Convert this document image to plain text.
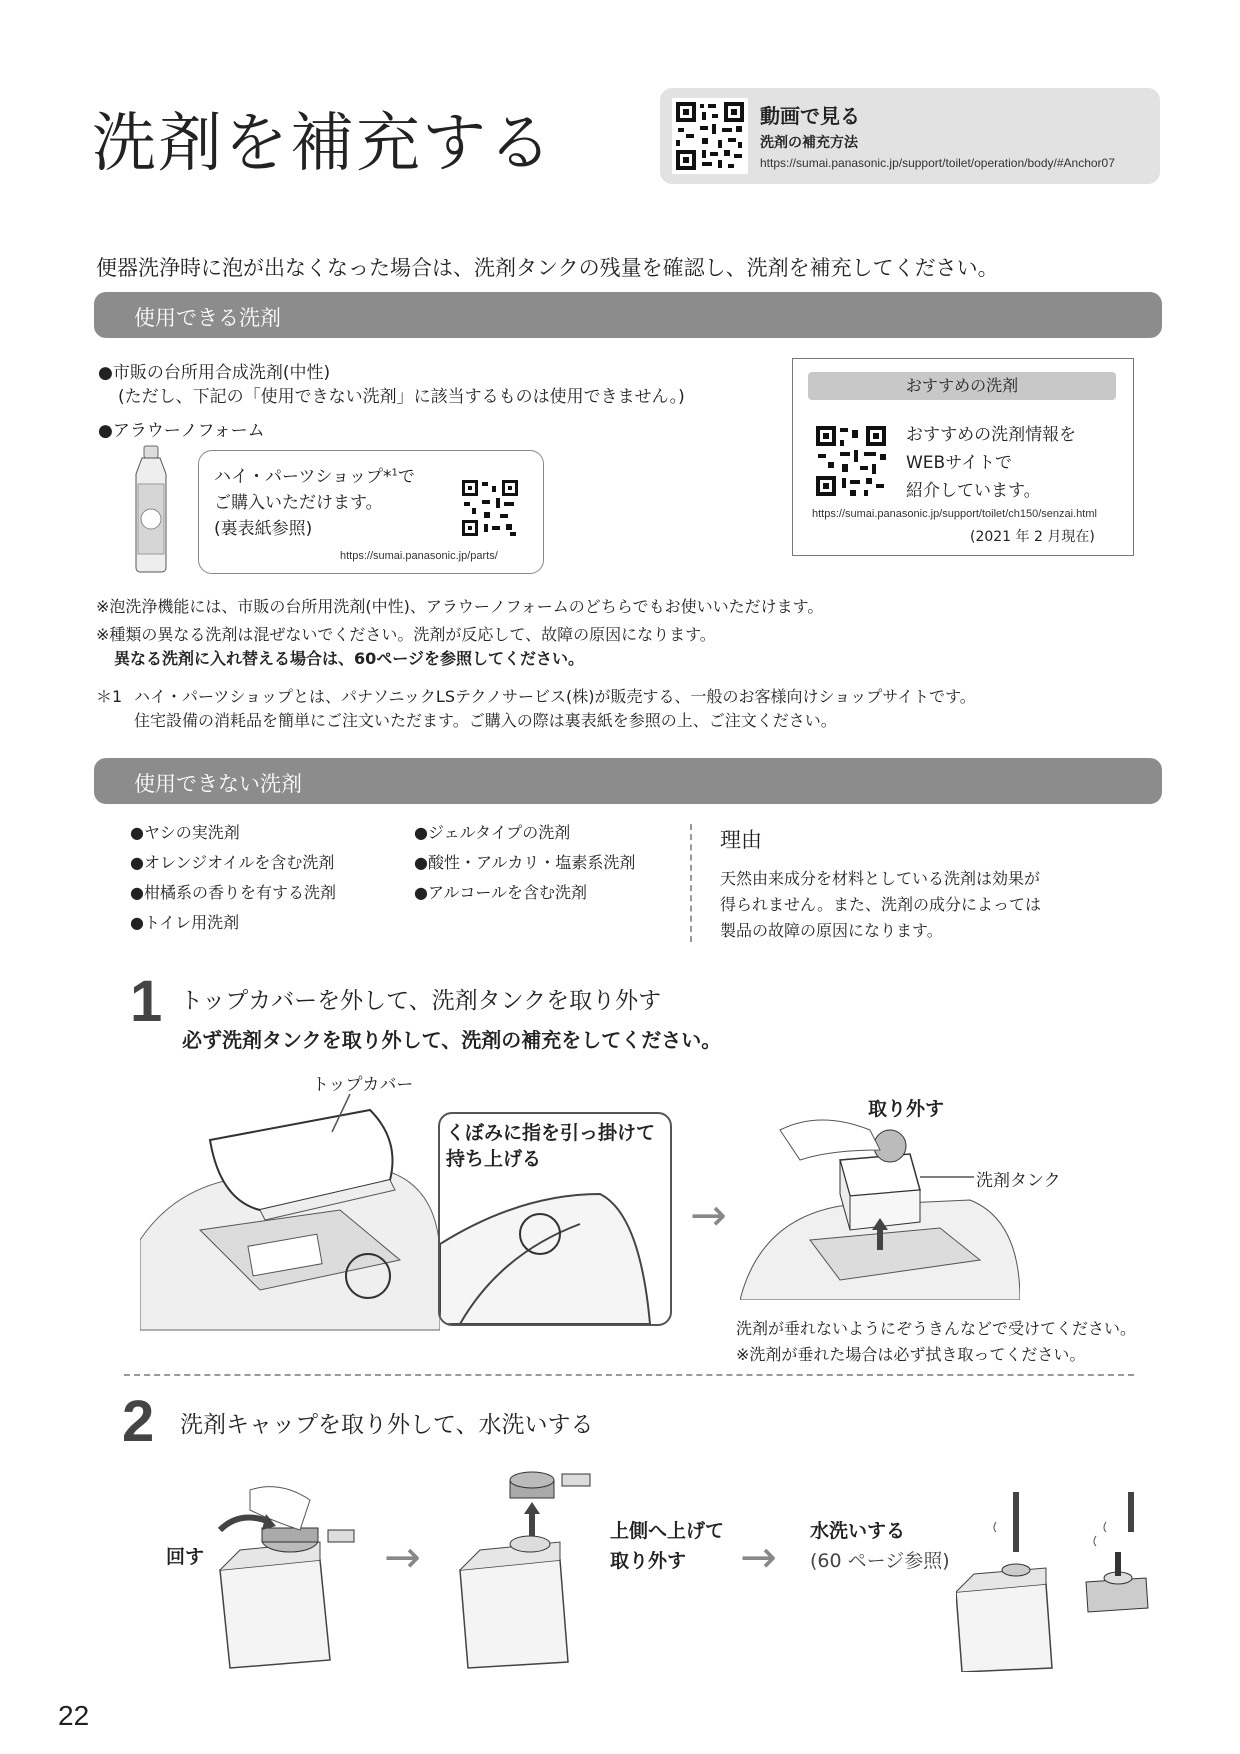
洗剤を補充する	動画で見る
洗剤の補充方法
https://sumai.panasonic.jp/support/toilet/operation/body/#Anchor07
便器洗浄時に泡が出なくなった場合は、洗剤タンクの残量を確認し、洗剤を補充してください。
使用できる洗剤
●市販の台所用合成洗剤(中性)
(ただし、下記の「使用できない洗剤」に該当するものは使用できません。)
●アラウーノフォーム
ハイ・パーツショップ*$^1$で
ご購入いただけます。
(裏表紙参照)
https://sumai.panasonic.jp/parts/
おすすめの洗剤
おすすめの洗剤情報を
WEBサイトで
紹介しています。
https://sumai.panasonic.jp/support/toilet/ch150/senzai.html
(2021 年 2 月現在)
※泡洗浄機能には、市販の台所用洗剤(中性)、アラウーノフォームのどちらでもお使いいただけます。
※種類の異なる洗剤は混ぜないでください。洗剤が反応して、故障の原因になります。
異なる洗剤に入れ替える場合は、60ページを参照してください。
＊1 ハイ・パーツショップとは、パナソニックLSテクノサービス(株)が販売する、一般のお客様向けショップサイトです。
住宅設備の消耗品を簡単にご注文いただます。ご購入の際は裏表紙を参照の上、ご注文ください。
使用できない洗剤
●ヤシの実洗剤
●オレンジオイルを含む洗剤
●柑橘系の香りを有する洗剤
●トイレ用洗剤
●ジェルタイプの洗剤
●酸性・アルカリ・塩素系洗剤
●アルコールを含む洗剤
理由
天然由来成分を材料としている洗剤は効果が
得られません。また、洗剤の成分によっては
製品の故障の原因になります。
1 トップカバーを外して、洗剤タンクを取り外す
必ず洗剤タンクを取り外して、洗剤の補充をしてください。
トップカバー
くぼみに指を引っ掛けて
持ち上げる
→
取り外す
洗剤タンク
洗剤が垂れないようにぞうきんなどで受けてください。
※洗剤が垂れた場合は必ず拭き取ってください。
2 洗剤キャップを取り外して、水洗いする
回す	→
上側へ上げて
取り外す →
水洗いする
(60 ページ参照)
22
